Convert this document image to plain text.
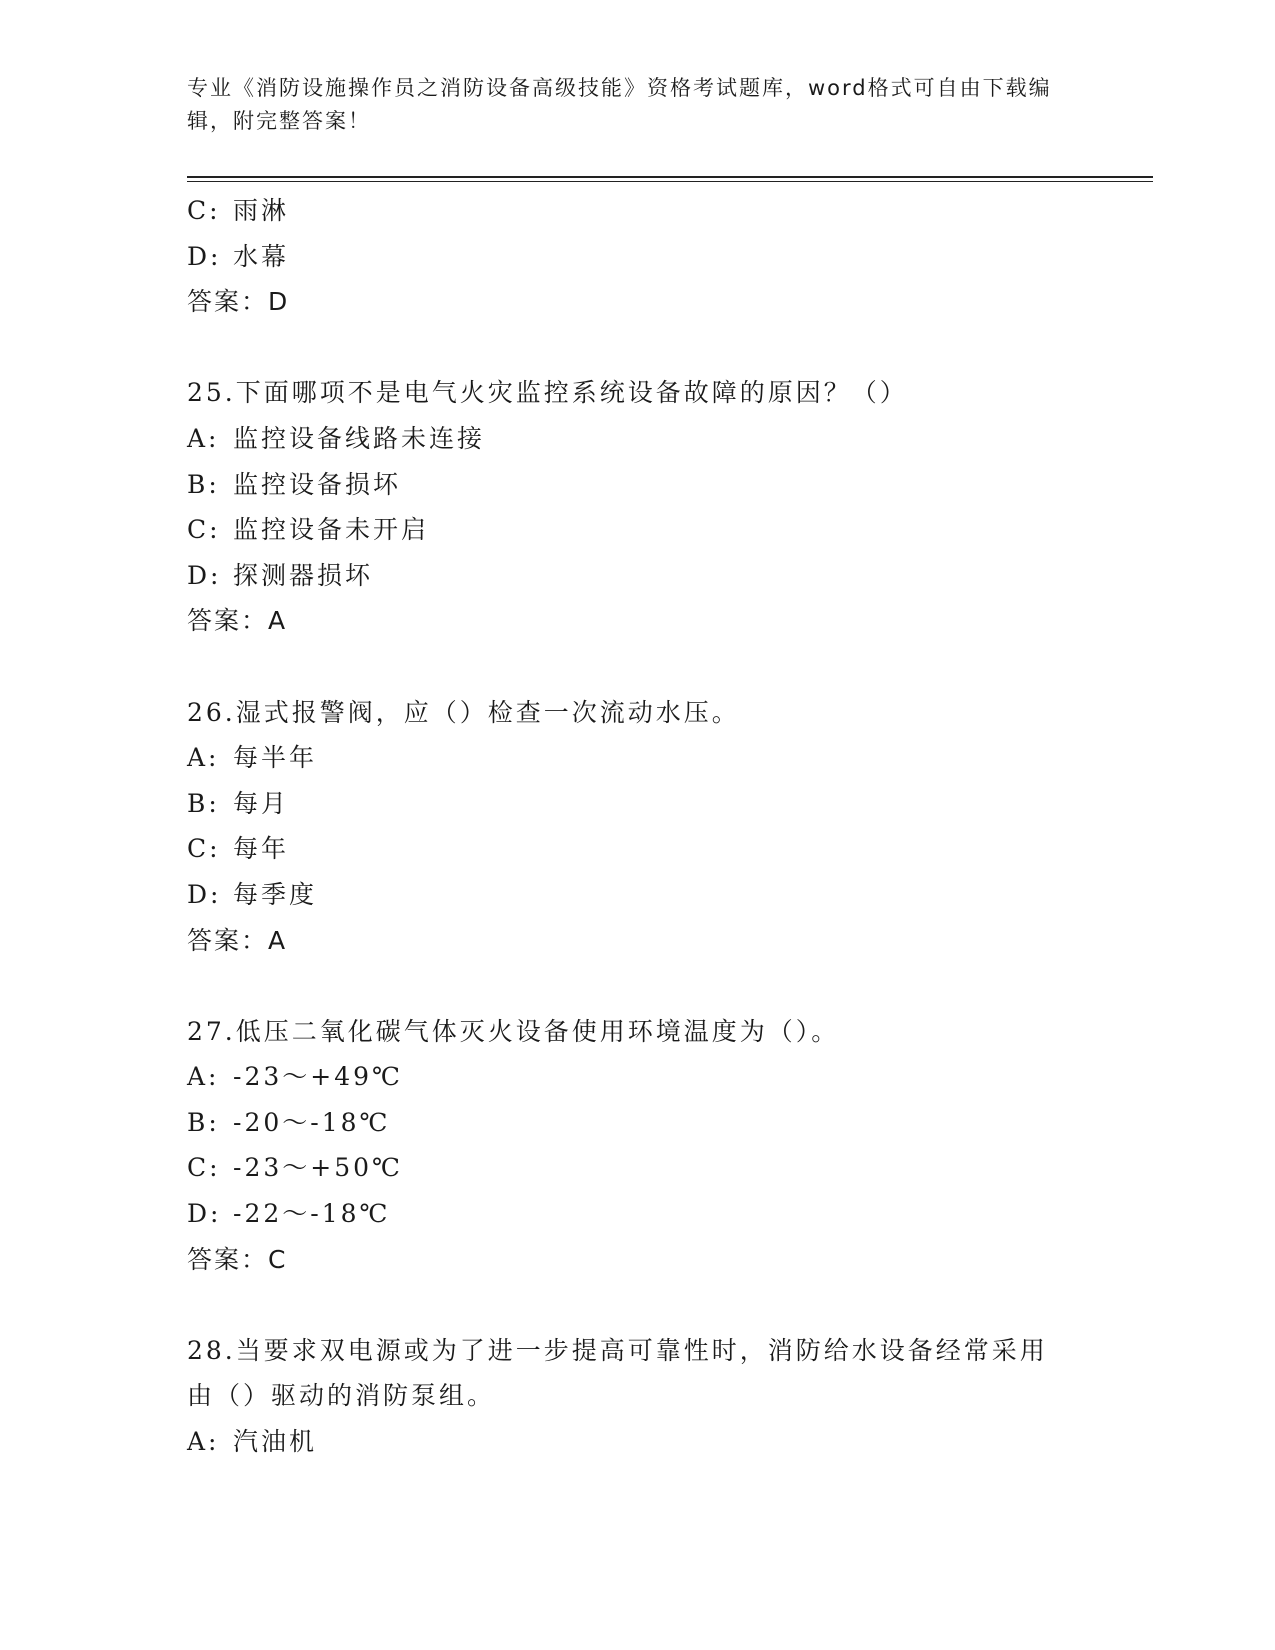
专业《消防设施操作员之消防设备高级技能》资格考试题库，word格式可自由下载编辑，附完整答案！
C: 雨淋
D: 水幕
答案：D
25.下面哪项不是电气火灾监控系统设备故障的原因？（）
A: 监控设备线路未连接
B: 监控设备损坏
C: 监控设备未开启
D: 探测器损坏
答案：A
26.湿式报警阀，应（）检查一次流动水压。
A: 每半年
B: 每月
C: 每年
D: 每季度
答案：A
27.低压二氧化碳气体灭火设备使用环境温度为（）。
A: -23～+49℃
B: -20～-18℃
C: -23～+50℃
D: -22～-18℃
答案：C
28.当要求双电源或为了进一步提高可靠性时，消防给水设备经常采用
由（）驱动的消防泵组。
A: 汽油机
